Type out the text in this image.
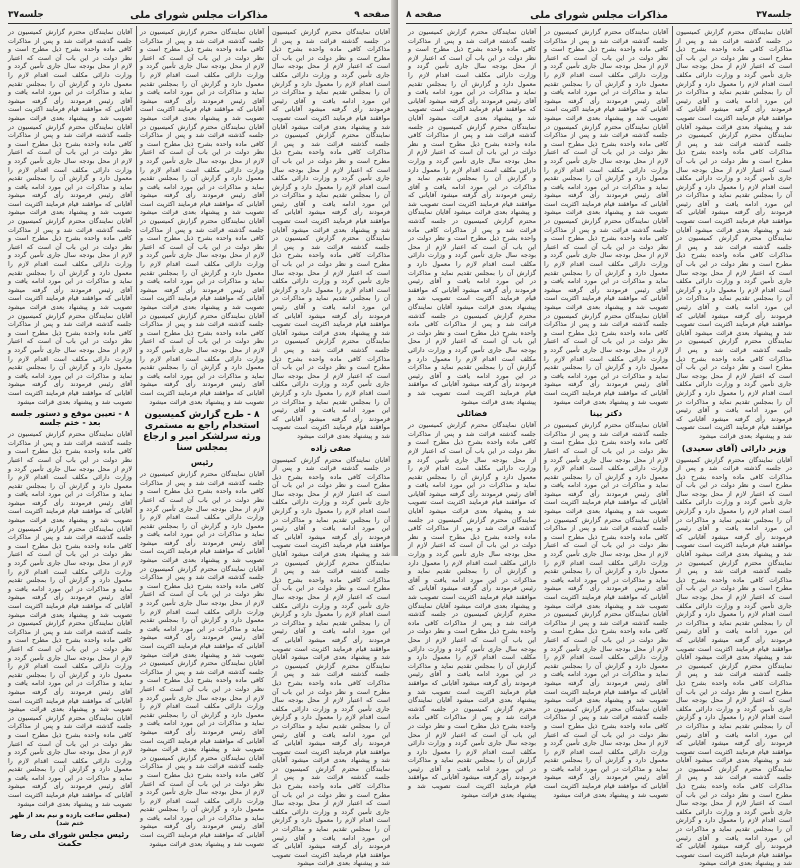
صفحه ۹
مذاکرات مجلس شورای ملی
جلسه۳۷
آقایان نمایندگان محترم گزارش کمیسیون در جلسه گذشته قرائت شد و پس از مذاکرات کافی ماده واحده بشرح ذیل مطرح است و نظر دولت در این باب آن است که اعتبار لازم از محل بودجه سال جاری تأمین گردد و وزارت دارائی مکلف است اقدام لازم را معمول دارد و گزارش آن را بمجلس تقدیم نماید و مذاکرات در این مورد ادامه یافت و آقای رئیس فرمودند رأی گرفته میشود آقایانی که موافقند قیام فرمایند اکثریت است تصویب شد و پیشنهاد بعدی قرائت میشود آقایان نمایندگان محترم گزارش کمیسیون در جلسه گذشته قرائت شد و پس از مذاکرات کافی ماده واحده بشرح ذیل مطرح است و نظر دولت در این باب آن است که اعتبار لازم از محل بودجه سال جاری تأمین گردد و وزارت دارائی مکلف است اقدام لازم را معمول دارد و گزارش آن را بمجلس تقدیم نماید و مذاکرات در این مورد ادامه یافت و آقای رئیس فرمودند رأی گرفته میشود آقایانی که موافقند قیام فرمایند اکثریت است تصویب شد و پیشنهاد بعدی قرائت میشود آقایان نمایندگان محترم گزارش کمیسیون در جلسه گذشته قرائت شد و پس از مذاکرات کافی ماده واحده بشرح ذیل مطرح است و نظر دولت در این باب آن است که اعتبار لازم از محل بودجه سال جاری تأمین گردد و وزارت دارائی مکلف است اقدام لازم را معمول دارد و گزارش آن را بمجلس تقدیم نماید و مذاکرات در این مورد ادامه یافت و آقای رئیس فرمودند رأی گرفته میشود آقایانی که موافقند قیام فرمایند اکثریت است تصویب شد و پیشنهاد بعدی قرائت میشود آقایان نمایندگان محترم گزارش کمیسیون در جلسه گذشته قرائت شد و پس از مذاکرات کافی ماده واحده بشرح ذیل مطرح است و نظر دولت در این باب آن است که اعتبار لازم از محل بودجه سال جاری تأمین گردد و وزارت دارائی مکلف است اقدام لازم را معمول دارد و گزارش آن را بمجلس تقدیم نماید و مذاکرات در این مورد ادامه یافت و آقای رئیس فرمودند رأی گرفته میشود آقایانی که موافقند قیام فرمایند اکثریت است تصویب شد و پیشنهاد بعدی قرائت میشود
صفی زاده
آقایان نمایندگان محترم گزارش کمیسیون در جلسه گذشته قرائت شد و پس از مذاکرات کافی ماده واحده بشرح ذیل مطرح است و نظر دولت در این باب آن است که اعتبار لازم از محل بودجه سال جاری تأمین گردد و وزارت دارائی مکلف است اقدام لازم را معمول دارد و گزارش آن را بمجلس تقدیم نماید و مذاکرات در این مورد ادامه یافت و آقای رئیس فرمودند رأی گرفته میشود آقایانی که موافقند قیام فرمایند اکثریت است تصویب شد و پیشنهاد بعدی قرائت میشود آقایان نمایندگان محترم گزارش کمیسیون در جلسه گذشته قرائت شد و پس از مذاکرات کافی ماده واحده بشرح ذیل مطرح است و نظر دولت در این باب آن است که اعتبار لازم از محل بودجه سال جاری تأمین گردد و وزارت دارائی مکلف است اقدام لازم را معمول دارد و گزارش آن را بمجلس تقدیم نماید و مذاکرات در این مورد ادامه یافت و آقای رئیس فرمودند رأی گرفته میشود آقایانی که موافقند قیام فرمایند اکثریت است تصویب شد و پیشنهاد بعدی قرائت میشود آقایان نمایندگان محترم گزارش کمیسیون در جلسه گذشته قرائت شد و پس از مذاکرات کافی ماده واحده بشرح ذیل مطرح است و نظر دولت در این باب آن است که اعتبار لازم از محل بودجه سال جاری تأمین گردد و وزارت دارائی مکلف است اقدام لازم را معمول دارد و گزارش آن را بمجلس تقدیم نماید و مذاکرات در این مورد ادامه یافت و آقای رئیس فرمودند رأی گرفته میشود آقایانی که موافقند قیام فرمایند اکثریت است تصویب شد و پیشنهاد بعدی قرائت میشود آقایان نمایندگان محترم گزارش کمیسیون در جلسه گذشته قرائت شد و پس از مذاکرات کافی ماده واحده بشرح ذیل مطرح است و نظر دولت در این باب آن است که اعتبار لازم از محل بودجه سال جاری تأمین گردد و وزارت دارائی مکلف است اقدام لازم را معمول دارد و گزارش آن را بمجلس تقدیم نماید و مذاکرات در این مورد ادامه یافت و آقای رئیس فرمودند رأی گرفته میشود آقایانی که موافقند قیام فرمایند اکثریت است تصویب شد و پیشنهاد بعدی قرائت میشود
آقایان نمایندگان محترم گزارش کمیسیون در جلسه گذشته قرائت شد و پس از مذاکرات کافی ماده واحده بشرح ذیل مطرح است و نظر دولت در این باب آن است که اعتبار لازم از محل بودجه سال جاری تأمین گردد و وزارت دارائی مکلف است اقدام لازم را معمول دارد و گزارش آن را بمجلس تقدیم نماید و مذاکرات در این مورد ادامه یافت و آقای رئیس فرمودند رأی گرفته میشود آقایانی که موافقند قیام فرمایند اکثریت است تصویب شد و پیشنهاد بعدی قرائت میشود آقایان نمایندگان محترم گزارش کمیسیون در جلسه گذشته قرائت شد و پس از مذاکرات کافی ماده واحده بشرح ذیل مطرح است و نظر دولت در این باب آن است که اعتبار لازم از محل بودجه سال جاری تأمین گردد و وزارت دارائی مکلف است اقدام لازم را معمول دارد و گزارش آن را بمجلس تقدیم نماید و مذاکرات در این مورد ادامه یافت و آقای رئیس فرمودند رأی گرفته میشود آقایانی که موافقند قیام فرمایند اکثریت است تصویب شد و پیشنهاد بعدی قرائت میشود آقایان نمایندگان محترم گزارش کمیسیون در جلسه گذشته قرائت شد و پس از مذاکرات کافی ماده واحده بشرح ذیل مطرح است و نظر دولت در این باب آن است که اعتبار لازم از محل بودجه سال جاری تأمین گردد و وزارت دارائی مکلف است اقدام لازم را معمول دارد و گزارش آن را بمجلس تقدیم نماید و مذاکرات در این مورد ادامه یافت و آقای رئیس فرمودند رأی گرفته میشود آقایانی که موافقند قیام فرمایند اکثریت است تصویب شد و پیشنهاد بعدی قرائت میشود آقایان نمایندگان محترم گزارش کمیسیون در جلسه گذشته قرائت شد و پس از مذاکرات کافی ماده واحده بشرح ذیل مطرح است و نظر دولت در این باب آن است که اعتبار لازم از محل بودجه سال جاری تأمین گردد و وزارت دارائی مکلف است اقدام لازم را معمول دارد و گزارش آن را بمجلس تقدیم نماید و مذاکرات در این مورد ادامه یافت و آقای رئیس فرمودند رأی گرفته میشود آقایانی که موافقند قیام فرمایند اکثریت است تصویب شد و پیشنهاد بعدی قرائت میشود
۸ - طرح گزارش کمیسیون استخدام راجع به مستمری ورثه سرلشکر امیر و ارجاع بمجلس سنا
رئیس
آقایان نمایندگان محترم گزارش کمیسیون در جلسه گذشته قرائت شد و پس از مذاکرات کافی ماده واحده بشرح ذیل مطرح است و نظر دولت در این باب آن است که اعتبار لازم از محل بودجه سال جاری تأمین گردد و وزارت دارائی مکلف است اقدام لازم را معمول دارد و گزارش آن را بمجلس تقدیم نماید و مذاکرات در این مورد ادامه یافت و آقای رئیس فرمودند رأی گرفته میشود آقایانی که موافقند قیام فرمایند اکثریت است تصویب شد و پیشنهاد بعدی قرائت میشود آقایان نمایندگان محترم گزارش کمیسیون در جلسه گذشته قرائت شد و پس از مذاکرات کافی ماده واحده بشرح ذیل مطرح است و نظر دولت در این باب آن است که اعتبار لازم از محل بودجه سال جاری تأمین گردد و وزارت دارائی مکلف است اقدام لازم را معمول دارد و گزارش آن را بمجلس تقدیم نماید و مذاکرات در این مورد ادامه یافت و آقای رئیس فرمودند رأی گرفته میشود آقایانی که موافقند قیام فرمایند اکثریت است تصویب شد و پیشنهاد بعدی قرائت میشود آقایان نمایندگان محترم گزارش کمیسیون در جلسه گذشته قرائت شد و پس از مذاکرات کافی ماده واحده بشرح ذیل مطرح است و نظر دولت در این باب آن است که اعتبار لازم از محل بودجه سال جاری تأمین گردد و وزارت دارائی مکلف است اقدام لازم را معمول دارد و گزارش آن را بمجلس تقدیم نماید و مذاکرات در این مورد ادامه یافت و آقای رئیس فرمودند رأی گرفته میشود آقایانی که موافقند قیام فرمایند اکثریت است تصویب شد و پیشنهاد بعدی قرائت میشود آقایان نمایندگان محترم گزارش کمیسیون در جلسه گذشته قرائت شد و پس از مذاکرات کافی ماده واحده بشرح ذیل مطرح است و نظر دولت در این باب آن است که اعتبار لازم از محل بودجه سال جاری تأمین گردد و وزارت دارائی مکلف است اقدام لازم را معمول دارد و گزارش آن را بمجلس تقدیم نماید و مذاکرات در این مورد ادامه یافت و آقای رئیس فرمودند رأی گرفته میشود آقایانی که موافقند قیام فرمایند اکثریت است تصویب شد و پیشنهاد بعدی قرائت میشود
آقایان نمایندگان محترم گزارش کمیسیون در جلسه گذشته قرائت شد و پس از مذاکرات کافی ماده واحده بشرح ذیل مطرح است و نظر دولت در این باب آن است که اعتبار لازم از محل بودجه سال جاری تأمین گردد و وزارت دارائی مکلف است اقدام لازم را معمول دارد و گزارش آن را بمجلس تقدیم نماید و مذاکرات در این مورد ادامه یافت و آقای رئیس فرمودند رأی گرفته میشود آقایانی که موافقند قیام فرمایند اکثریت است تصویب شد و پیشنهاد بعدی قرائت میشود آقایان نمایندگان محترم گزارش کمیسیون در جلسه گذشته قرائت شد و پس از مذاکرات کافی ماده واحده بشرح ذیل مطرح است و نظر دولت در این باب آن است که اعتبار لازم از محل بودجه سال جاری تأمین گردد و وزارت دارائی مکلف است اقدام لازم را معمول دارد و گزارش آن را بمجلس تقدیم نماید و مذاکرات در این مورد ادامه یافت و آقای رئیس فرمودند رأی گرفته میشود آقایانی که موافقند قیام فرمایند اکثریت است تصویب شد و پیشنهاد بعدی قرائت میشود آقایان نمایندگان محترم گزارش کمیسیون در جلسه گذشته قرائت شد و پس از مذاکرات کافی ماده واحده بشرح ذیل مطرح است و نظر دولت در این باب آن است که اعتبار لازم از محل بودجه سال جاری تأمین گردد و وزارت دارائی مکلف است اقدام لازم را معمول دارد و گزارش آن را بمجلس تقدیم نماید و مذاکرات در این مورد ادامه یافت و آقای رئیس فرمودند رأی گرفته میشود آقایانی که موافقند قیام فرمایند اکثریت است تصویب شد و پیشنهاد بعدی قرائت میشود آقایان نمایندگان محترم گزارش کمیسیون در جلسه گذشته قرائت شد و پس از مذاکرات کافی ماده واحده بشرح ذیل مطرح است و نظر دولت در این باب آن است که اعتبار لازم از محل بودجه سال جاری تأمین گردد و وزارت دارائی مکلف است اقدام لازم را معمول دارد و گزارش آن را بمجلس تقدیم نماید و مذاکرات در این مورد ادامه یافت و آقای رئیس فرمودند رأی گرفته میشود آقایانی که موافقند قیام فرمایند اکثریت است تصویب شد و پیشنهاد بعدی قرائت میشود
۸ - تعیین موقع و دستور جلسه بعد - ختم جلسه
آقایان نمایندگان محترم گزارش کمیسیون در جلسه گذشته قرائت شد و پس از مذاکرات کافی ماده واحده بشرح ذیل مطرح است و نظر دولت در این باب آن است که اعتبار لازم از محل بودجه سال جاری تأمین گردد و وزارت دارائی مکلف است اقدام لازم را معمول دارد و گزارش آن را بمجلس تقدیم نماید و مذاکرات در این مورد ادامه یافت و آقای رئیس فرمودند رأی گرفته میشود آقایانی که موافقند قیام فرمایند اکثریت است تصویب شد و پیشنهاد بعدی قرائت میشود آقایان نمایندگان محترم گزارش کمیسیون در جلسه گذشته قرائت شد و پس از مذاکرات کافی ماده واحده بشرح ذیل مطرح است و نظر دولت در این باب آن است که اعتبار لازم از محل بودجه سال جاری تأمین گردد و وزارت دارائی مکلف است اقدام لازم را معمول دارد و گزارش آن را بمجلس تقدیم نماید و مذاکرات در این مورد ادامه یافت و آقای رئیس فرمودند رأی گرفته میشود آقایانی که موافقند قیام فرمایند اکثریت است تصویب شد و پیشنهاد بعدی قرائت میشود آقایان نمایندگان محترم گزارش کمیسیون در جلسه گذشته قرائت شد و پس از مذاکرات کافی ماده واحده بشرح ذیل مطرح است و نظر دولت در این باب آن است که اعتبار لازم از محل بودجه سال جاری تأمین گردد و وزارت دارائی مکلف است اقدام لازم را معمول دارد و گزارش آن را بمجلس تقدیم نماید و مذاکرات در این مورد ادامه یافت و آقای رئیس فرمودند رأی گرفته میشود آقایانی که موافقند قیام فرمایند اکثریت است تصویب شد و پیشنهاد بعدی قرائت میشود آقایان نمایندگان محترم گزارش کمیسیون در جلسه گذشته قرائت شد و پس از مذاکرات کافی ماده واحده بشرح ذیل مطرح است و نظر دولت در این باب آن است که اعتبار لازم از محل بودجه سال جاری تأمین گردد و وزارت دارائی مکلف است اقدام لازم را معمول دارد و گزارش آن را بمجلس تقدیم نماید و مذاکرات در این مورد ادامه یافت و آقای رئیس فرمودند رأی گرفته میشود آقایانی که موافقند قیام فرمایند اکثریت است تصویب شد و پیشنهاد بعدی قرائت میشود
(مجلس ساعت یازده و نیم بعد از ظهر ختم شد)
رئیس مجلس شورای ملی رضا حکمت
جلسه۳۷
مذاکرات مجلس شورای ملی
صفحه ۸
آقایان نمایندگان محترم گزارش کمیسیون در جلسه گذشته قرائت شد و پس از مذاکرات کافی ماده واحده بشرح ذیل مطرح است و نظر دولت در این باب آن است که اعتبار لازم از محل بودجه سال جاری تأمین گردد و وزارت دارائی مکلف است اقدام لازم را معمول دارد و گزارش آن را بمجلس تقدیم نماید و مذاکرات در این مورد ادامه یافت و آقای رئیس فرمودند رأی گرفته میشود آقایانی که موافقند قیام فرمایند اکثریت است تصویب شد و پیشنهاد بعدی قرائت میشود آقایان نمایندگان محترم گزارش کمیسیون در جلسه گذشته قرائت شد و پس از مذاکرات کافی ماده واحده بشرح ذیل مطرح است و نظر دولت در این باب آن است که اعتبار لازم از محل بودجه سال جاری تأمین گردد و وزارت دارائی مکلف است اقدام لازم را معمول دارد و گزارش آن را بمجلس تقدیم نماید و مذاکرات در این مورد ادامه یافت و آقای رئیس فرمودند رأی گرفته میشود آقایانی که موافقند قیام فرمایند اکثریت است تصویب شد و پیشنهاد بعدی قرائت میشود آقایان نمایندگان محترم گزارش کمیسیون در جلسه گذشته قرائت شد و پس از مذاکرات کافی ماده واحده بشرح ذیل مطرح است و نظر دولت در این باب آن است که اعتبار لازم از محل بودجه سال جاری تأمین گردد و وزارت دارائی مکلف است اقدام لازم را معمول دارد و گزارش آن را بمجلس تقدیم نماید و مذاکرات در این مورد ادامه یافت و آقای رئیس فرمودند رأی گرفته میشود آقایانی که موافقند قیام فرمایند اکثریت است تصویب شد و پیشنهاد بعدی قرائت میشود آقایان نمایندگان محترم گزارش کمیسیون در جلسه گذشته قرائت شد و پس از مذاکرات کافی ماده واحده بشرح ذیل مطرح است و نظر دولت در این باب آن است که اعتبار لازم از محل بودجه سال جاری تأمین گردد و وزارت دارائی مکلف است اقدام لازم را معمول دارد و گزارش آن را بمجلس تقدیم نماید و مذاکرات در این مورد ادامه یافت و آقای رئیس فرمودند رأی گرفته میشود آقایانی که موافقند قیام فرمایند اکثریت است تصویب شد و پیشنهاد بعدی قرائت میشود
وزیر دارائی (آقای سعیدی)
آقایان نمایندگان محترم گزارش کمیسیون در جلسه گذشته قرائت شد و پس از مذاکرات کافی ماده واحده بشرح ذیل مطرح است و نظر دولت در این باب آن است که اعتبار لازم از محل بودجه سال جاری تأمین گردد و وزارت دارائی مکلف است اقدام لازم را معمول دارد و گزارش آن را بمجلس تقدیم نماید و مذاکرات در این مورد ادامه یافت و آقای رئیس فرمودند رأی گرفته میشود آقایانی که موافقند قیام فرمایند اکثریت است تصویب شد و پیشنهاد بعدی قرائت میشود آقایان نمایندگان محترم گزارش کمیسیون در جلسه گذشته قرائت شد و پس از مذاکرات کافی ماده واحده بشرح ذیل مطرح است و نظر دولت در این باب آن است که اعتبار لازم از محل بودجه سال جاری تأمین گردد و وزارت دارائی مکلف است اقدام لازم را معمول دارد و گزارش آن را بمجلس تقدیم نماید و مذاکرات در این مورد ادامه یافت و آقای رئیس فرمودند رأی گرفته میشود آقایانی که موافقند قیام فرمایند اکثریت است تصویب شد و پیشنهاد بعدی قرائت میشود آقایان نمایندگان محترم گزارش کمیسیون در جلسه گذشته قرائت شد و پس از مذاکرات کافی ماده واحده بشرح ذیل مطرح است و نظر دولت در این باب آن است که اعتبار لازم از محل بودجه سال جاری تأمین گردد و وزارت دارائی مکلف است اقدام لازم را معمول دارد و گزارش آن را بمجلس تقدیم نماید و مذاکرات در این مورد ادامه یافت و آقای رئیس فرمودند رأی گرفته میشود آقایانی که موافقند قیام فرمایند اکثریت است تصویب شد و پیشنهاد بعدی قرائت میشود آقایان نمایندگان محترم گزارش کمیسیون در جلسه گذشته قرائت شد و پس از مذاکرات کافی ماده واحده بشرح ذیل مطرح است و نظر دولت در این باب آن است که اعتبار لازم از محل بودجه سال جاری تأمین گردد و وزارت دارائی مکلف است اقدام لازم را معمول دارد و گزارش آن را بمجلس تقدیم نماید و مذاکرات در این مورد ادامه یافت و آقای رئیس فرمودند رأی گرفته میشود آقایانی که موافقند قیام فرمایند اکثریت است تصویب شد و پیشنهاد بعدی قرائت میشود
آقایان نمایندگان محترم گزارش کمیسیون در جلسه گذشته قرائت شد و پس از مذاکرات کافی ماده واحده بشرح ذیل مطرح است و نظر دولت در این باب آن است که اعتبار لازم از محل بودجه سال جاری تأمین گردد و وزارت دارائی مکلف است اقدام لازم را معمول دارد و گزارش آن را بمجلس تقدیم نماید و مذاکرات در این مورد ادامه یافت و آقای رئیس فرمودند رأی گرفته میشود آقایانی که موافقند قیام فرمایند اکثریت است تصویب شد و پیشنهاد بعدی قرائت میشود آقایان نمایندگان محترم گزارش کمیسیون در جلسه گذشته قرائت شد و پس از مذاکرات کافی ماده واحده بشرح ذیل مطرح است و نظر دولت در این باب آن است که اعتبار لازم از محل بودجه سال جاری تأمین گردد و وزارت دارائی مکلف است اقدام لازم را معمول دارد و گزارش آن را بمجلس تقدیم نماید و مذاکرات در این مورد ادامه یافت و آقای رئیس فرمودند رأی گرفته میشود آقایانی که موافقند قیام فرمایند اکثریت است تصویب شد و پیشنهاد بعدی قرائت میشود آقایان نمایندگان محترم گزارش کمیسیون در جلسه گذشته قرائت شد و پس از مذاکرات کافی ماده واحده بشرح ذیل مطرح است و نظر دولت در این باب آن است که اعتبار لازم از محل بودجه سال جاری تأمین گردد و وزارت دارائی مکلف است اقدام لازم را معمول دارد و گزارش آن را بمجلس تقدیم نماید و مذاکرات در این مورد ادامه یافت و آقای رئیس فرمودند رأی گرفته میشود آقایانی که موافقند قیام فرمایند اکثریت است تصویب شد و پیشنهاد بعدی قرائت میشود آقایان نمایندگان محترم گزارش کمیسیون در جلسه گذشته قرائت شد و پس از مذاکرات کافی ماده واحده بشرح ذیل مطرح است و نظر دولت در این باب آن است که اعتبار لازم از محل بودجه سال جاری تأمین گردد و وزارت دارائی مکلف است اقدام لازم را معمول دارد و گزارش آن را بمجلس تقدیم نماید و مذاکرات در این مورد ادامه یافت و آقای رئیس فرمودند رأی گرفته میشود آقایانی که موافقند قیام فرمایند اکثریت است تصویب شد و پیشنهاد بعدی قرائت میشود
دکتر بینا
آقایان نمایندگان محترم گزارش کمیسیون در جلسه گذشته قرائت شد و پس از مذاکرات کافی ماده واحده بشرح ذیل مطرح است و نظر دولت در این باب آن است که اعتبار لازم از محل بودجه سال جاری تأمین گردد و وزارت دارائی مکلف است اقدام لازم را معمول دارد و گزارش آن را بمجلس تقدیم نماید و مذاکرات در این مورد ادامه یافت و آقای رئیس فرمودند رأی گرفته میشود آقایانی که موافقند قیام فرمایند اکثریت است تصویب شد و پیشنهاد بعدی قرائت میشود آقایان نمایندگان محترم گزارش کمیسیون در جلسه گذشته قرائت شد و پس از مذاکرات کافی ماده واحده بشرح ذیل مطرح است و نظر دولت در این باب آن است که اعتبار لازم از محل بودجه سال جاری تأمین گردد و وزارت دارائی مکلف است اقدام لازم را معمول دارد و گزارش آن را بمجلس تقدیم نماید و مذاکرات در این مورد ادامه یافت و آقای رئیس فرمودند رأی گرفته میشود آقایانی که موافقند قیام فرمایند اکثریت است تصویب شد و پیشنهاد بعدی قرائت میشود آقایان نمایندگان محترم گزارش کمیسیون در جلسه گذشته قرائت شد و پس از مذاکرات کافی ماده واحده بشرح ذیل مطرح است و نظر دولت در این باب آن است که اعتبار لازم از محل بودجه سال جاری تأمین گردد و وزارت دارائی مکلف است اقدام لازم را معمول دارد و گزارش آن را بمجلس تقدیم نماید و مذاکرات در این مورد ادامه یافت و آقای رئیس فرمودند رأی گرفته میشود آقایانی که موافقند قیام فرمایند اکثریت است تصویب شد و پیشنهاد بعدی قرائت میشود آقایان نمایندگان محترم گزارش کمیسیون در جلسه گذشته قرائت شد و پس از مذاکرات کافی ماده واحده بشرح ذیل مطرح است و نظر دولت در این باب آن است که اعتبار لازم از محل بودجه سال جاری تأمین گردد و وزارت دارائی مکلف است اقدام لازم را معمول دارد و گزارش آن را بمجلس تقدیم نماید و مذاکرات در این مورد ادامه یافت و آقای رئیس فرمودند رأی گرفته میشود آقایانی که موافقند قیام فرمایند اکثریت است تصویب شد و پیشنهاد بعدی قرائت میشود
آقایان نمایندگان محترم گزارش کمیسیون در جلسه گذشته قرائت شد و پس از مذاکرات کافی ماده واحده بشرح ذیل مطرح است و نظر دولت در این باب آن است که اعتبار لازم از محل بودجه سال جاری تأمین گردد و وزارت دارائی مکلف است اقدام لازم را معمول دارد و گزارش آن را بمجلس تقدیم نماید و مذاکرات در این مورد ادامه یافت و آقای رئیس فرمودند رأی گرفته میشود آقایانی که موافقند قیام فرمایند اکثریت است تصویب شد و پیشنهاد بعدی قرائت میشود آقایان نمایندگان محترم گزارش کمیسیون در جلسه گذشته قرائت شد و پس از مذاکرات کافی ماده واحده بشرح ذیل مطرح است و نظر دولت در این باب آن است که اعتبار لازم از محل بودجه سال جاری تأمین گردد و وزارت دارائی مکلف است اقدام لازم را معمول دارد و گزارش آن را بمجلس تقدیم نماید و مذاکرات در این مورد ادامه یافت و آقای رئیس فرمودند رأی گرفته میشود آقایانی که موافقند قیام فرمایند اکثریت است تصویب شد و پیشنهاد بعدی قرائت میشود آقایان نمایندگان محترم گزارش کمیسیون در جلسه گذشته قرائت شد و پس از مذاکرات کافی ماده واحده بشرح ذیل مطرح است و نظر دولت در این باب آن است که اعتبار لازم از محل بودجه سال جاری تأمین گردد و وزارت دارائی مکلف است اقدام لازم را معمول دارد و گزارش آن را بمجلس تقدیم نماید و مذاکرات در این مورد ادامه یافت و آقای رئیس فرمودند رأی گرفته میشود آقایانی که موافقند قیام فرمایند اکثریت است تصویب شد و پیشنهاد بعدی قرائت میشود آقایان نمایندگان محترم گزارش کمیسیون در جلسه گذشته قرائت شد و پس از مذاکرات کافی ماده واحده بشرح ذیل مطرح است و نظر دولت در این باب آن است که اعتبار لازم از محل بودجه سال جاری تأمین گردد و وزارت دارائی مکلف است اقدام لازم را معمول دارد و گزارش آن را بمجلس تقدیم نماید و مذاکرات در این مورد ادامه یافت و آقای رئیس فرمودند رأی گرفته میشود آقایانی که موافقند قیام فرمایند اکثریت است تصویب شد و پیشنهاد بعدی قرائت میشود
فضائلی
آقایان نمایندگان محترم گزارش کمیسیون در جلسه گذشته قرائت شد و پس از مذاکرات کافی ماده واحده بشرح ذیل مطرح است و نظر دولت در این باب آن است که اعتبار لازم از محل بودجه سال جاری تأمین گردد و وزارت دارائی مکلف است اقدام لازم را معمول دارد و گزارش آن را بمجلس تقدیم نماید و مذاکرات در این مورد ادامه یافت و آقای رئیس فرمودند رأی گرفته میشود آقایانی که موافقند قیام فرمایند اکثریت است تصویب شد و پیشنهاد بعدی قرائت میشود آقایان نمایندگان محترم گزارش کمیسیون در جلسه گذشته قرائت شد و پس از مذاکرات کافی ماده واحده بشرح ذیل مطرح است و نظر دولت در این باب آن است که اعتبار لازم از محل بودجه سال جاری تأمین گردد و وزارت دارائی مکلف است اقدام لازم را معمول دارد و گزارش آن را بمجلس تقدیم نماید و مذاکرات در این مورد ادامه یافت و آقای رئیس فرمودند رأی گرفته میشود آقایانی که موافقند قیام فرمایند اکثریت است تصویب شد و پیشنهاد بعدی قرائت میشود آقایان نمایندگان محترم گزارش کمیسیون در جلسه گذشته قرائت شد و پس از مذاکرات کافی ماده واحده بشرح ذیل مطرح است و نظر دولت در این باب آن است که اعتبار لازم از محل بودجه سال جاری تأمین گردد و وزارت دارائی مکلف است اقدام لازم را معمول دارد و گزارش آن را بمجلس تقدیم نماید و مذاکرات در این مورد ادامه یافت و آقای رئیس فرمودند رأی گرفته میشود آقایانی که موافقند قیام فرمایند اکثریت است تصویب شد و پیشنهاد بعدی قرائت میشود آقایان نمایندگان محترم گزارش کمیسیون در جلسه گذشته قرائت شد و پس از مذاکرات کافی ماده واحده بشرح ذیل مطرح است و نظر دولت در این باب آن است که اعتبار لازم از محل بودجه سال جاری تأمین گردد و وزارت دارائی مکلف است اقدام لازم را معمول دارد و گزارش آن را بمجلس تقدیم نماید و مذاکرات در این مورد ادامه یافت و آقای رئیس فرمودند رأی گرفته میشود آقایانی که موافقند قیام فرمایند اکثریت است تصویب شد و پیشنهاد بعدی قرائت میشود
